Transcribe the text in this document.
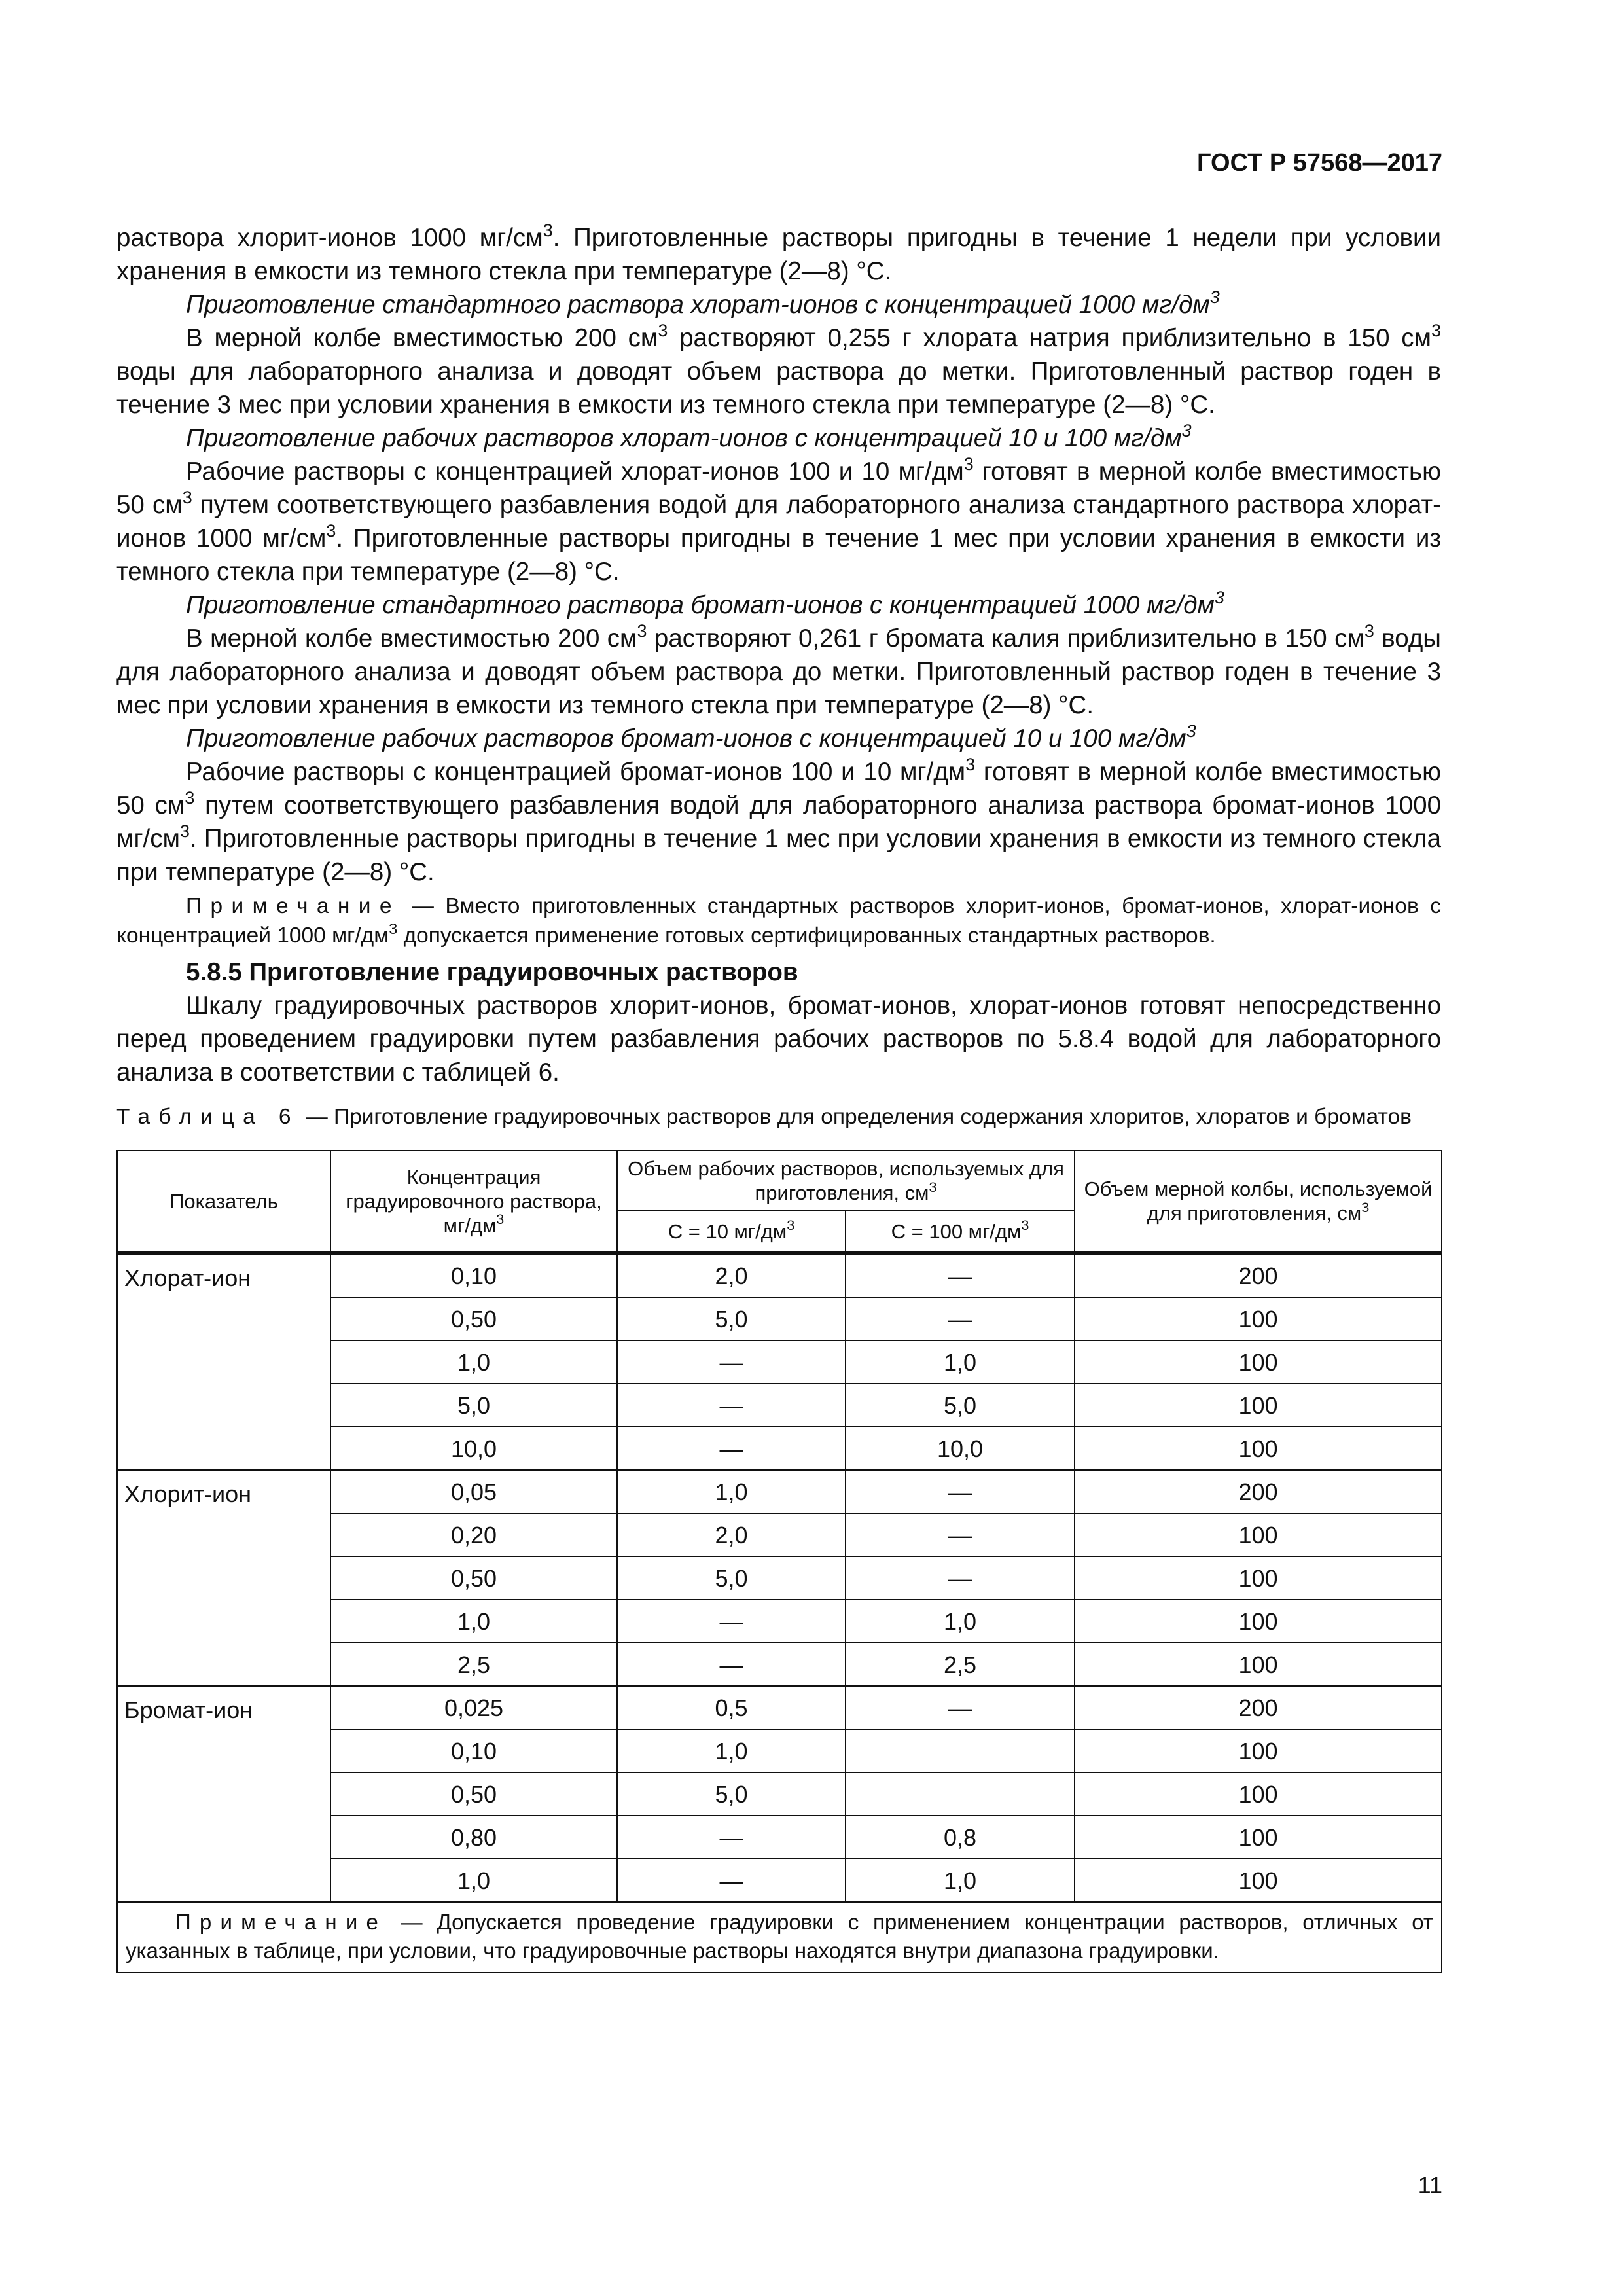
ГОСТ Р 57568—2017

раствора хлорит-ионов 1000 $мг/см^3$. Приготовленные растворы пригодны в течение 1 недели при условии хранения в емкости из темного стекла при температуре (2—8) °С.

Приготовление стандартного раствора хлорат-ионов с концентрацией 1000 $мг/дм^3$

В мерной колбе вместимостью 200 $см^3$ растворяют 0,255 г хлората натрия приблизительно в 150 $см^3$ воды для лабораторного анализа и доводят объем раствора до метки. Приготовленный раствор годен в течение 3 мес при условии хранения в емкости из темного стекла при температуре (2—8) °С.

Приготовление рабочих растворов хлорат-ионов с концентрацией 10 и 100 $мг/дм^3$

Рабочие растворы с концентрацией хлорат-ионов 100 и 10 $мг/дм^3$ готовят в мерной колбе вместимостью 50 $см^3$ путем соответствующего разбавления водой для лабораторного анализа стандартного раствора хлорат-ионов 1000 $мг/см^3$. Приготовленные растворы пригодны в течение 1 мес при условии хранения в емкости из темного стекла при температуре (2—8) °С.

Приготовление стандартного раствора бромат-ионов с концентрацией 1000 $мг/дм^3$

В мерной колбе вместимостью 200 $см^3$ растворяют 0,261 г бромата калия приблизительно в 150 $см^3$ воды для лабораторного анализа и доводят объем раствора до метки. Приготовленный раствор годен в течение 3 мес при условии хранения в емкости из темного стекла при температуре (2—8) °С.

Приготовление рабочих растворов бромат-ионов с концентрацией 10 и 100 $мг/дм^3$

Рабочие растворы с концентрацией бромат-ионов 100 и 10 $мг/дм^3$ готовят в мерной колбе вместимостью 50 $см^3$ путем соответствующего разбавления водой для лабораторного анализа раствора бромат-ионов 1000 $мг/см^3$. Приготовленные растворы пригодны в течение 1 мес при условии хранения в емкости из темного стекла при температуре (2—8) °С.

Примечание — Вместо приготовленных стандартных растворов хлорит-ионов, бромат-ионов, хлорат-ионов с концентрацией 1000 $мг/дм^3$ допускается применение готовых сертифицированных стандартных растворов.

5.8.5 Приготовление градуировочных растворов

Шкалу градуировочных растворов хлорит-ионов, бромат-ионов, хлорат-ионов готовят непосредственно перед проведением градуировки путем разбавления рабочих растворов по 5.8.4 водой для лабораторного анализа в соответствии с таблицей 6.

Таблица 6 — Приготовление градуировочных растворов для определения содержания хлоритов, хлоратов и броматов

Показатель	Концентрация градуировочного раствора, $мг/дм^3$	Объем рабочих растворов, используемых для приготовления, $см^3$		Объем мерной колбы, используемой для приготовления, $см^3$
		С = 10 $мг/дм^3$	С = 100 $мг/дм^3$
Хлорат-ион	0,10	2,0	—	200
	0,50	5,0	—	100
	1,0	—	1,0	100
	5,0	—	5,0	100
	10,0	—	10,0	100
Хлорит-ион	0,05	1,0	—	200
	0,20	2,0	—	100
	0,50	5,0	—	100
	1,0	—	1,0	100
	2,5	—	2,5	100
Бромат-ион	0,025	0,5	—	200
	0,10	1,0		100
	0,50	5,0		100
	0,80	—	0,8	100
	1,0	—	1,0	100
Примечание — Допускается проведение градуировки с применением концентрации растворов, отличных от указанных в таблице, при условии, что градуировочные растворы находятся внутри диапазона градуировки.				
11
